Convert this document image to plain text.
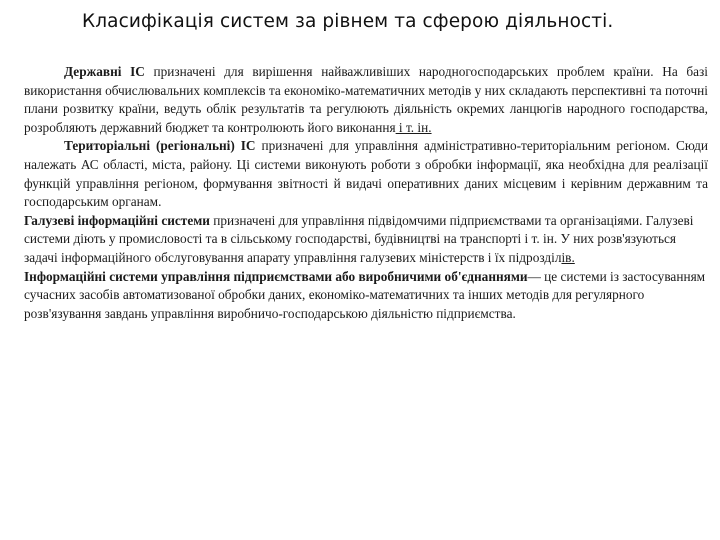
Класифікація систем за рівнем та сферою діяльності.

Державні ІС призначені для вирішення найважливіших народногосподарських проблем країни. На базі використання обчислювальних комплексів та економіко-математичних методів у них складають перспективні та поточні плани розвитку країни, ведуть облік результатів та регулюють діяльність окремих ланцюгів народного господарства, розробляють державний бюджет та контролюють його виконання і т. ін.

Територіальні (регіональні) ІС призначені для управління адміністративно-територіальним регіоном. Сюди належать АС області, міста, району. Ці системи виконують роботи з обробки інформації, яка необхідна для реалізації функцій управління регіоном, формування звітності й видачі оперативних даних місцевим і керівним державним та господарським органам.

Галузеві інформаційні системи призначені для управління підвідомчими підприємствами та організаціями. Галузеві системи діють у промисловості та в сільському господарстві, будівництві на транспорті і т. ін. У них розв'язуються задачі інформаційного обслуговування апарату управління галузевих міністерств і їх підрозділів.

Інформаційні системи управління підприємствами або виробничими об'єднаннями— це системи із застосуванням сучасних засобів автоматизованої обробки даних, економіко-математичних та інших методів для регулярного розв'язування завдань управління виробничо-господарською діяльністю підприємства.
